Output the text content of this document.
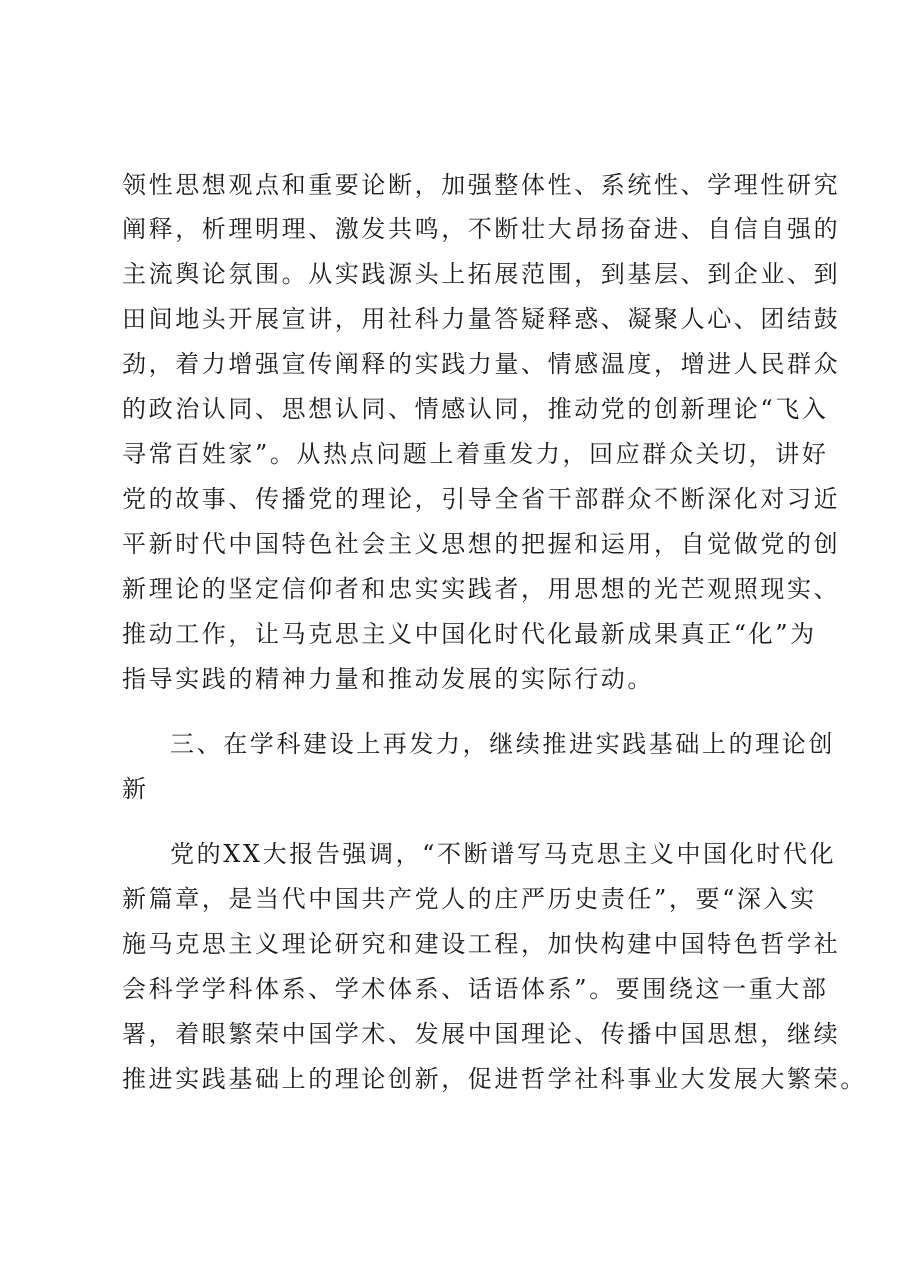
领性思想观点和重要论断，加强整体性、系统性、学理性研究
阐释，析理明理、激发共鸣，不断壮大昂扬奋进、自信自强的
主流舆论氛围。从实践源头上拓展范围，到基层、到企业、到
田间地头开展宣讲，用社科力量答疑释惑、凝聚人心、团结鼓
劲，着力增强宣传阐释的实践力量、情感温度，增进人民群众
的政治认同、思想认同、情感认同，推动党的创新理论“飞入
寻常百姓家”。从热点问题上着重发力，回应群众关切，讲好
党的故事、传播党的理论，引导全省干部群众不断深化对习近
平新时代中国特色社会主义思想的把握和运用，自觉做党的创
新理论的坚定信仰者和忠实实践者，用思想的光芒观照现实、
推动工作，让马克思主义中国化时代化最新成果真正“化”为
指导实践的精神力量和推动发展的实际行动。
三、在学科建设上再发力，继续推进实践基础上的理论创
新
党的XX大报告强调，“不断谱写马克思主义中国化时代化
新篇章，是当代中国共产党人的庄严历史责任”，要“深入实
施马克思主义理论研究和建设工程，加快构建中国特色哲学社
会科学学科体系、学术体系、话语体系”。要围绕这一重大部
署，着眼繁荣中国学术、发展中国理论、传播中国思想，继续
推进实践基础上的理论创新，促进哲学社科事业大发展大繁荣。
